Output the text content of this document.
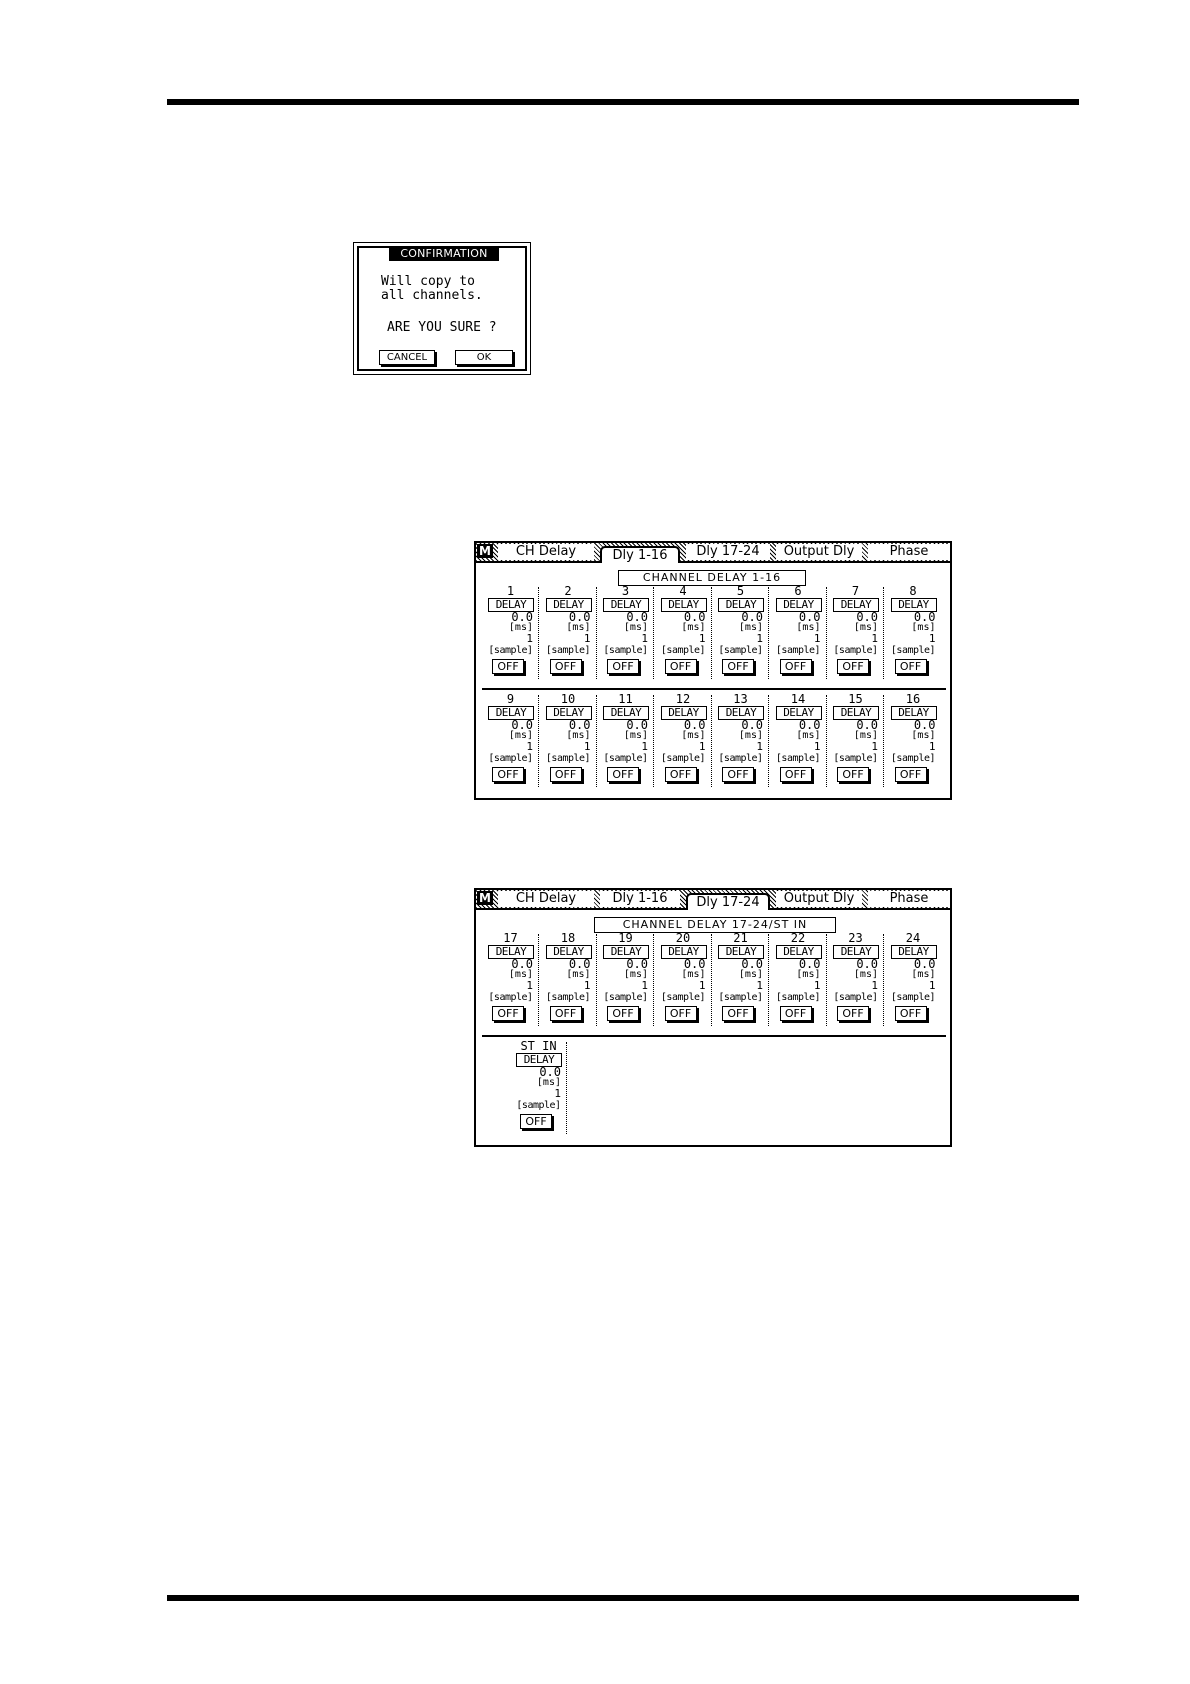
CONFIRMATION
Will copy to
all channels.
ARE YOU SURE ?
CANCEL	OK
M	CH Delay	Dly 1-16	Dly 17-24	Output Dly	Phase
CHANNEL DELAY 1-16
1
DELAY
0.0
[ms]
1
[sample]
OFF
2
DELAY
0.0
[ms]
1
[sample]
OFF
3
DELAY
0.0
[ms]
1
[sample]
OFF
4
DELAY
0.0
[ms]
1
[sample]
OFF
5
DELAY
0.0
[ms]
1
[sample]
OFF
6
DELAY
0.0
[ms]
1
[sample]
OFF
7
DELAY
0.0
[ms]
1
[sample]
OFF
8
DELAY
0.0
[ms]
1
[sample]
OFF
9
DELAY
0.0
[ms]
1
[sample]
OFF
10
DELAY
0.0
[ms]
1
[sample]
OFF
11
DELAY
0.0
[ms]
1
[sample]
OFF
12
DELAY
0.0
[ms]
1
[sample]
OFF
13
DELAY
0.0
[ms]
1
[sample]
OFF
14
DELAY
0.0
[ms]
1
[sample]
OFF
15
DELAY
0.0
[ms]
1
[sample]
OFF
16
DELAY
0.0
[ms]
1
[sample]
OFF
M	CH Delay	Dly 1-16	Dly 17-24	Output Dly	Phase
CHANNEL DELAY 17-24/ST IN
17
DELAY
0.0
[ms]
1
[sample]
OFF
18
DELAY
0.0
[ms]
1
[sample]
OFF
19
DELAY
0.0
[ms]
1
[sample]
OFF
20
DELAY
0.0
[ms]
1
[sample]
OFF
21
DELAY
0.0
[ms]
1
[sample]
OFF
22
DELAY
0.0
[ms]
1
[sample]
OFF
23
DELAY
0.0
[ms]
1
[sample]
OFF
24
DELAY
0.0
[ms]
1
[sample]
OFF
ST IN
DELAY
0.0
[ms]
1
[sample]
OFF
